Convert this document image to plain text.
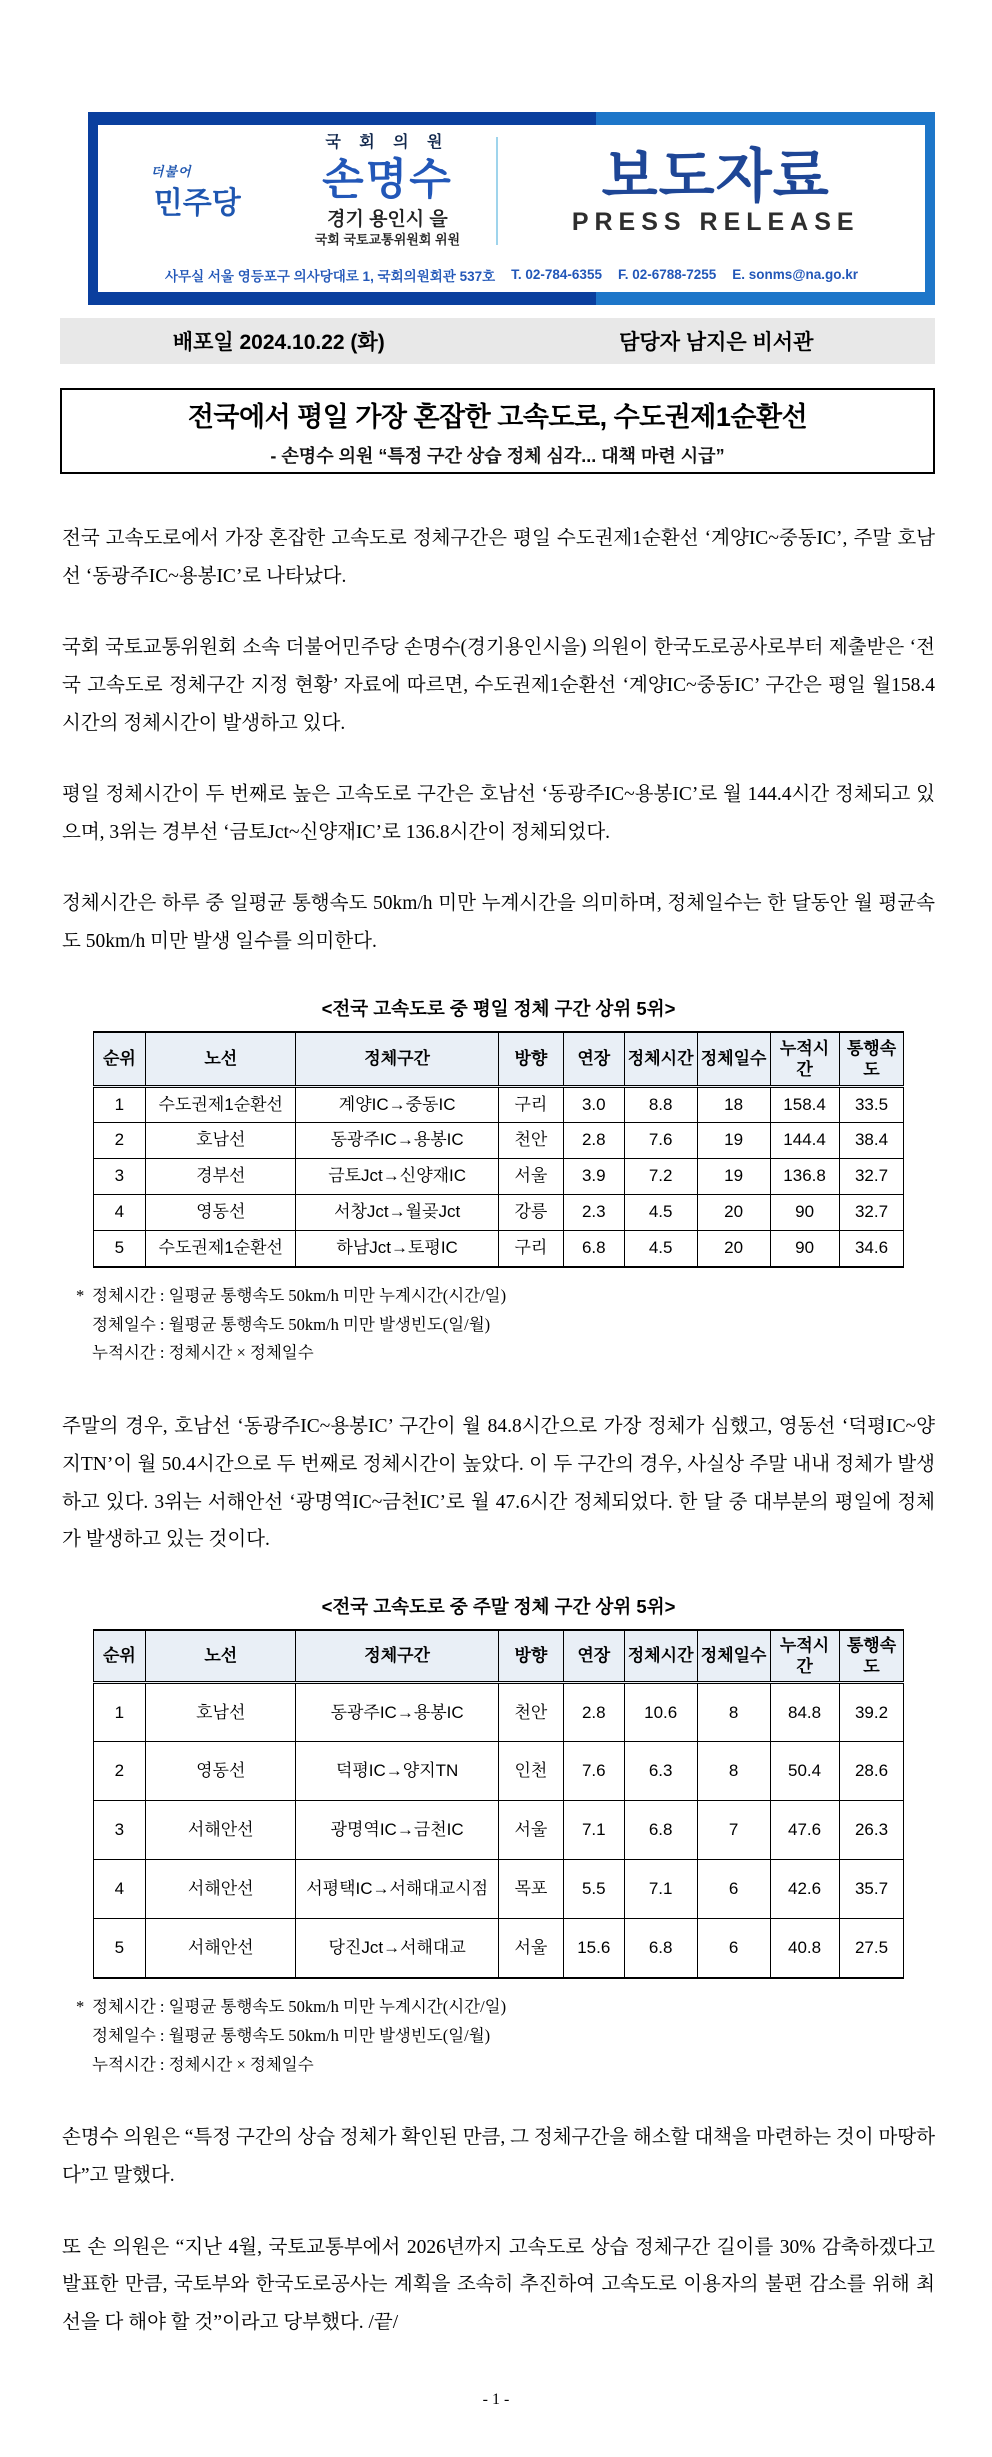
더불어
민주당
국 회 의 원
손명수
경기 용인시 을
국회 국토교통위원회 위원
보도자료
PRESS RELEASE
사무실 서울 영등포구 의사당대로 1, 국회의원회관 537호 T. 02-784-6355 F. 02-6788-7255 E. sonms@na.go.kr
배포일 2024.10.22 (화)	담당자 남지은 비서관
전국에서 평일 가장 혼잡한 고속도로, 수도권제1순환선
- 손명수 의원 “특정 구간 상습 정체 심각... 대책 마련 시급”
전국 고속도로에서 가장 혼잡한 고속도로 정체구간은 평일 수도권제1순환선 ‘계양IC~중동IC’, 주말 호남선 ‘동광주IC~용봉IC’로 나타났다.
국회 국토교통위원회 소속 더불어민주당 손명수(경기용인시을) 의원이 한국도로공사로부터 제출받은 ‘전국 고속도로 정체구간 지정 현황’ 자료에 따르면, 수도권제1순환선 ‘계양IC~중동IC’ 구간은 평일 월158.4시간의 정체시간이 발생하고 있다.
평일 정체시간이 두 번째로 높은 고속도로 구간은 호남선 ‘동광주IC~용봉IC’로 월 144.4시간 정체되고 있으며, 3위는 경부선 ‘금토Jct~신양재IC’로 136.8시간이 정체되었다.
정체시간은 하루 중 일평균 통행속도 50km/h 미만 누계시간을 의미하며, 정체일수는 한 달동안 월 평균속도 50km/h 미만 발생 일수를 의미한다.
<전국 고속도로 중 평일 정체 구간 상위 5위>
순위	노선	정체구간	방향	연장	정체시간	정체일수	누적시간	통행속도
1	수도권제1순환선	계양IC→중동IC	구리	3.0	8.8	18	158.4	33.5
2	호남선	동광주IC→용봉IC	천안	2.8	7.6	19	144.4	38.4
3	경부선	금토Jct→신양재IC	서울	3.9	7.2	19	136.8	32.7
4	영동선	서창Jct→월곶Jct	강릉	2.3	4.5	20	90	32.7
5	수도권제1순환선	하남Jct→토평IC	구리	6.8	4.5	20	90	34.6
* 정체시간 : 일평균 통행속도 50km/h 미만 누계시간(시간/일)
정체일수 : 월평균 통행속도 50km/h 미만 발생빈도(일/월)
누적시간 : 정체시간 × 정체일수
주말의 경우, 호남선 ‘동광주IC~용봉IC’ 구간이 월 84.8시간으로 가장 정체가 심했고, 영동선 ‘덕평IC~양지TN’이 월 50.4시간으로 두 번째로 정체시간이 높았다. 이 두 구간의 경우, 사실상 주말 내내 정체가 발생하고 있다. 3위는 서해안선 ‘광명역IC~금천IC’로 월 47.6시간 정체되었다. 한 달 중 대부분의 평일에 정체가 발생하고 있는 것이다.
<전국 고속도로 중 주말 정체 구간 상위 5위>
순위	노선	정체구간	방향	연장	정체시간	정체일수	누적시간	통행속도
1	호남선	동광주IC→용봉IC	천안	2.8	10.6	8	84.8	39.2
2	영동선	덕평IC→양지TN	인천	7.6	6.3	8	50.4	28.6
3	서해안선	광명역IC→금천IC	서울	7.1	6.8	7	47.6	26.3
4	서해안선	서평택IC→서해대교시점	목포	5.5	7.1	6	42.6	35.7
5	서해안선	당진Jct→서해대교	서울	15.6	6.8	6	40.8	27.5
* 정체시간 : 일평균 통행속도 50km/h 미만 누계시간(시간/일)
정체일수 : 월평균 통행속도 50km/h 미만 발생빈도(일/월)
누적시간 : 정체시간 × 정체일수
손명수 의원은 “특정 구간의 상습 정체가 확인된 만큼, 그 정체구간을 해소할 대책을 마련하는 것이 마땅하다”고 말했다.
또 손 의원은 “지난 4월, 국토교통부에서 2026년까지 고속도로 상습 정체구간 길이를 30% 감축하겠다고 발표한 만큼, 국토부와 한국도로공사는 계획을 조속히 추진하여 고속도로 이용자의 불편 감소를 위해 최선을 다 해야 할 것”이라고 당부했다. /끝/
- 1 -
